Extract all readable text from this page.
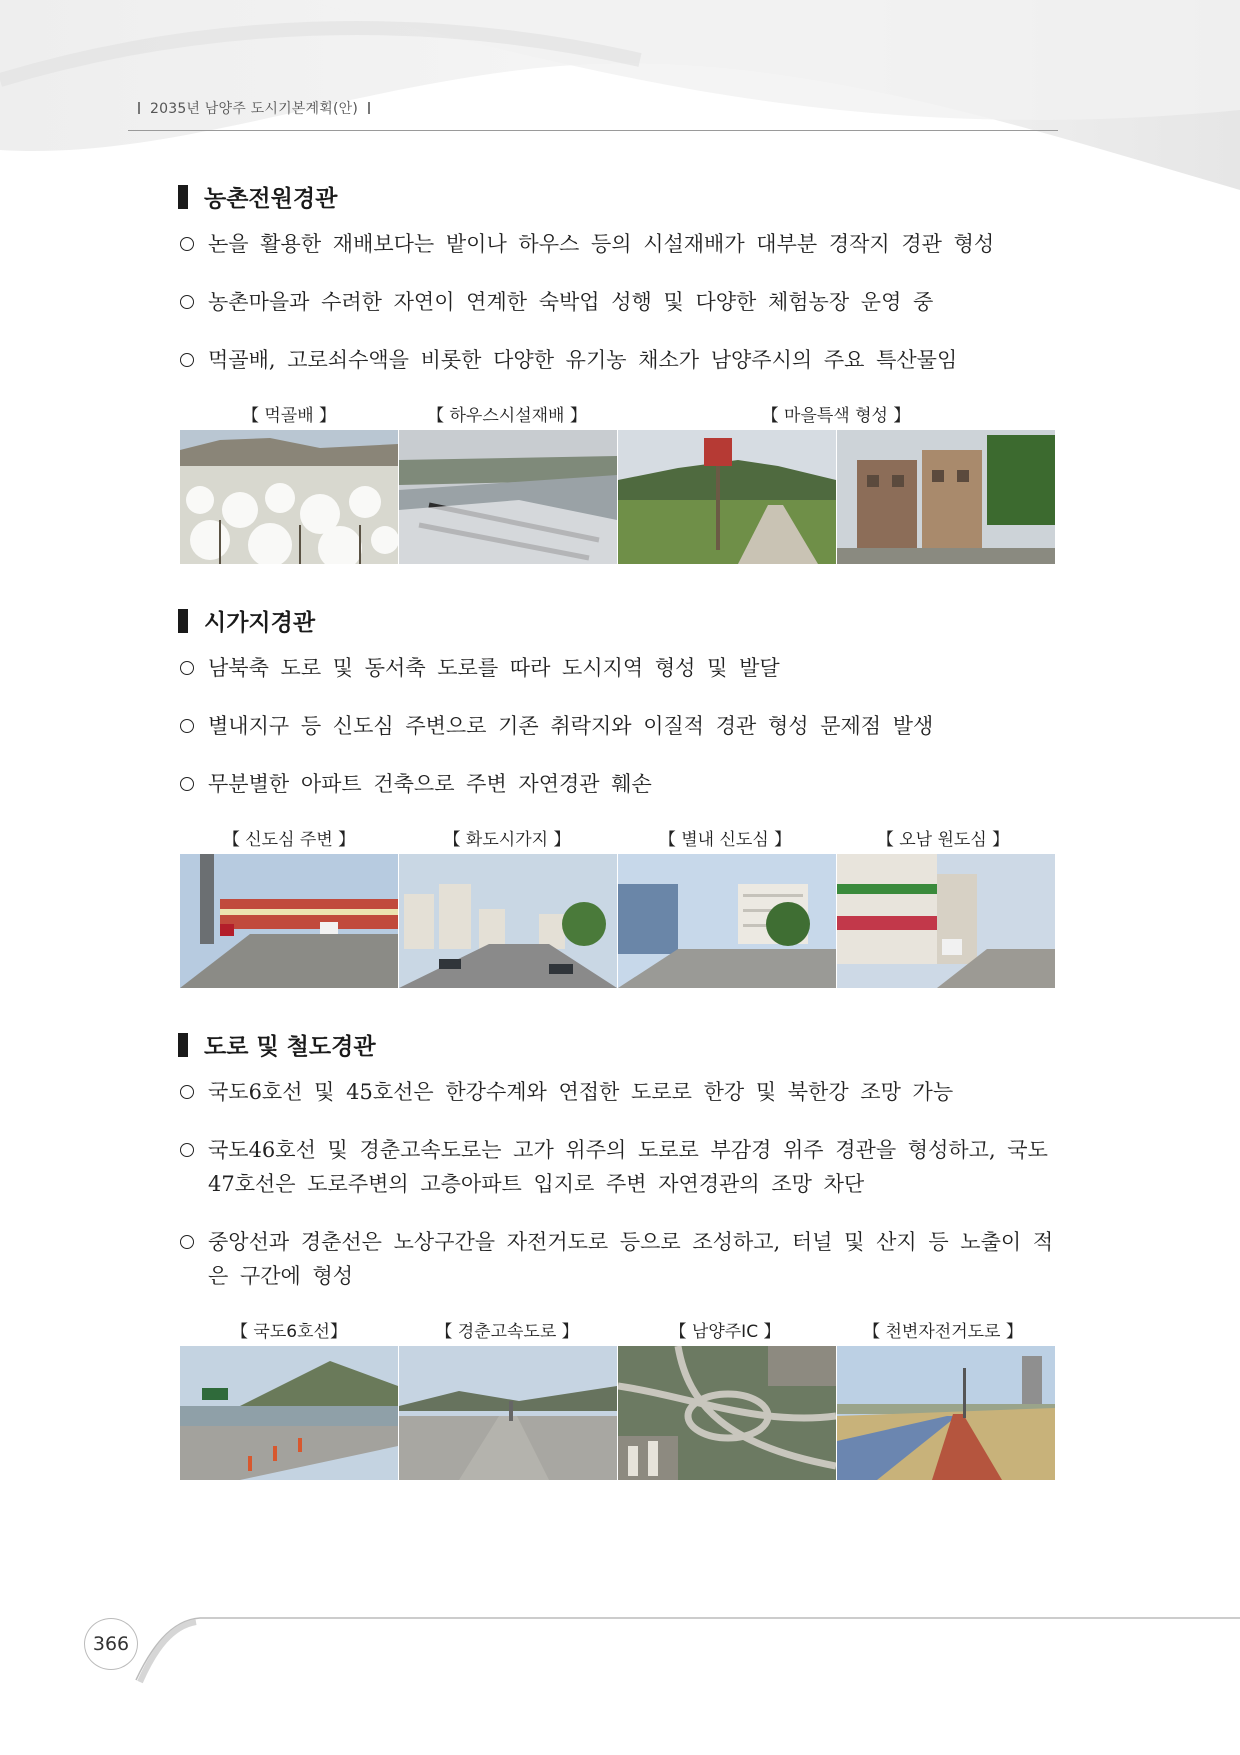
2035년 남양주 도시기본계획(안)
농촌전원경관

논을 활용한 재배보다는 밭이나 하우스 등의 시설재배가 대부분 경작지 경관 형성

농촌마을과 수려한 자연이 연계한 숙박업 성행 및 다양한 체험농장 운영 중

먹골배, 고로쇠수액을 비롯한 다양한 유기농 채소가 남양주시의 주요 특산물임

【 먹골배 】	【 하우스시설재배 】	【 마을특색 형성 】
시가지경관

남북축 도로 및 동서축 도로를 따라 도시지역 형성 및 발달

별내지구 등 신도심 주변으로 기존 취락지와 이질적 경관 형성 문제점 발생

무분별한 아파트 건축으로 주변 자연경관 훼손

【 신도심 주변 】	【 화도시가지 】	【 별내 신도심 】	【 오남 원도심 】
도로 및 철도경관

국도6호선 및 45호선은 한강수계와 연접한 도로로 한강 및 북한강 조망 가능

국도46호선 및 경춘고속도로는 고가 위주의 도로로 부감경 위주 경관을 형성하고, 국도47호선은 도로주변의 고층아파트 입지로 주변 자연경관의 조망 차단

중앙선과 경춘선은 노상구간을 자전거도로 등으로 조성하고, 터널 및 산지 등 노출이 적은 구간에 형성

【 국도6호선】	【 경춘고속도로 】	【 남양주IC 】	【 천변자전거도로 】
366
